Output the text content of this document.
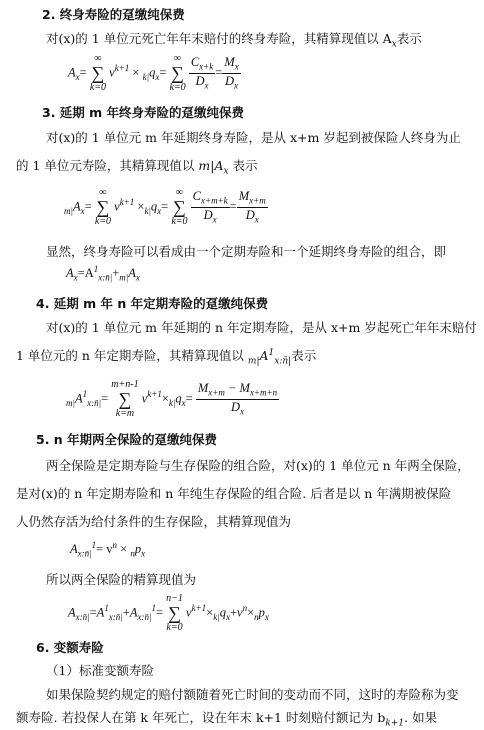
2. 终身寿险的趸缴纯保费
对(x)的 1 单位元死亡年年末赔付的终身寿险，其精算现值以 $A_x$表示
$A_x=$ ∞
∑
k=0 $v^{k+1} \times _{k|}q_x=$ ∞
∑
$k=0 \frac{C_{x+k}}{D_x} = \frac{M_x}{D_x}$
3. 延期 m 年终身寿险的趸缴纯保费
对(x)的 1 单位元 m 年延期终身寿险，是从 x+m 岁起到被保险人终身为止
的 1 单位元寿险，其精算现值以 $m|A_x$ 表示
$_{m|}A_x=$ ∞
∑
k=0 $v^{k+1} \times_{k|}q_x=$ ∞
∑
$k=0 \frac{C_{x+m+k}}{D_x} = \frac{M_{x+m}}{D_x}$
显然，终身寿险可以看成由一个定期寿险和一个延期终身寿险的组合，即
$A_x=A^1_{x:n̄|}+_{m|}A_x$
4. 延期 m 年 n 年定期寿险的趸缴纯保费
对(x)的 1 单位元 m 年延期的 n 年定期寿险，是从 x+m 岁起死亡年年末赔付
1 单位元的 n 年定期寿险，其精算现值以 $_{m|}A^1_{x:n̄|}$表示
$_{m|}A^1_{x:n̄|}= m+n-1$
∑
k=m $v^{k+1}\times_{k|}q_x= \frac{M_{x+m} - M_{x+m+n}}{D_x}$
5. n 年期两全保险的趸缴纯保费
两全保险是定期寿险与生存保险的组合险，对(x)的 1 单位元 n 年两全保险，
是对(x)的 n 年定期寿险和 n 年纯生存保险的组合险. 后者是以 n 年满期被保险
人仍然存活为给付条件的生存保险，其精算现值为
$A_{x:n̄|}^1= v^n \times _np_x$
所以两全保险的精算现值为
$A_{x:n̄|}=A^1_{x:n̄|}+A_{x:n̄|}^1= n-1$
∑
k=0 $v^{k+1}\times_{k|}q_x+v^n\times_np_x$
6. 变额寿险
（1）标准变额寿险
如果保险契约规定的赔付额随着死亡时间的变动而不同，这时的寿险称为变
额寿险. 若投保人在第 k 年死亡，设在年末 k+1 时刻赔付额记为 $b_{k+1}$. 如果
